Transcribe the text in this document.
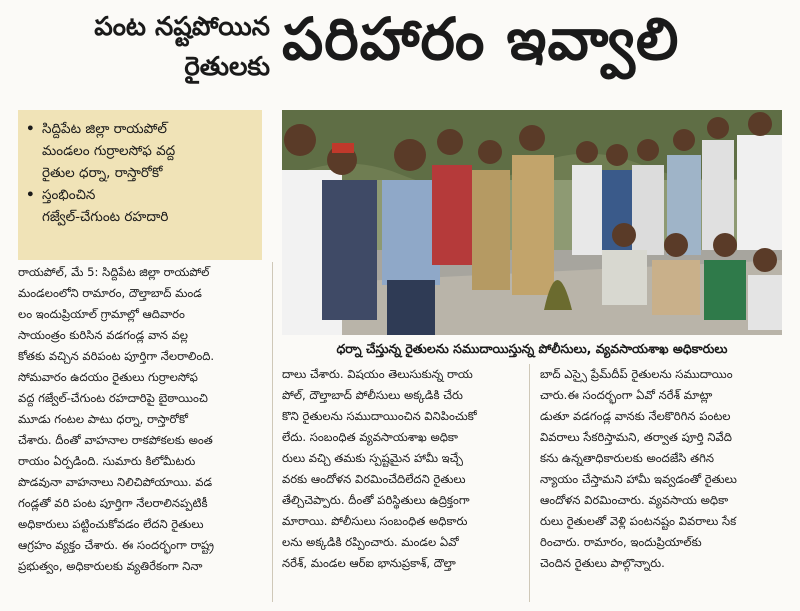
పంట నష్టపోయిన
రైతులకు పరిహారం ఇవ్వాలి
• సిద్దిపేట జిల్లా రాయపోల్
మండలం గుర్రాలసోఫ వద్ద
రైతుల ధర్నా, రాస్తారోకో
• స్తంభించిన
గజ్వేల్-చేగుంట రహదారి
ధర్నా చేస్తున్న రైతులను సముదాయిస్తున్న పోలీసులు, వ్యవసాయశాఖ అధికారులు
రాయపోల్, మే 5: సిద్దిపేట జిల్లా రాయపోల్
మండలంలోని రామారం, దౌల్తాబాద్ మండ
లం ఇందుప్రియాల్ గ్రామాల్లో ఆదివారం
సాయంత్రం కురిసిన వడగండ్ల వాన వల్ల
కోతకు వచ్చిన వరిపంట పూర్తిగా నేలరాలింది.
సోమవారం ఉదయం రైతులు గుర్రాలసోఫ
వద్ద గజ్వేల్-చేగుంట రహదారిపై బైఠాయించి
మూడు గంటల పాటు ధర్నా, రాస్తారోకో
చేశారు. దీంతో వాహనాల రాకపోకలకు అంత
రాయం ఏర్పడింది. సుమారు కిలోమీటరు
పొడవునా వాహనాలు నిలిచిపోయాయి. వడ
గండ్లతో వరి పంట పూర్తిగా నేలరాలినప్పటికీ
అధికారులు పట్టించుకోవడం లేదని రైతులు
ఆగ్రహం వ్యక్తం చేశారు. ఈ సందర్భంగా రాష్ట్ర
ప్రభుత్వం, అధికారులకు వ్యతిరేకంగా నినా
దాలు చేశారు. విషయం తెలుసుకున్న రాయ
పోల్, దౌల్తాబాద్ పోలీసులు అక్కడికి చేరు
కొని రైతులను సముదాయించిన వినిపించుకో
లేదు. సంబంధిత వ్యవసాయశాఖ అధికా
రులు వచ్చి తమకు స్పష్టమైన హామీ ఇచ్చే
వరకు ఆందోళన విరమించేదిలేదని రైతులు
తేల్చిచెప్పారు. దీంతో పరిస్థితులు ఉద్రిక్తంగా
మారాయి. పోలీసులు సంబంధిత అధికారు
లను అక్కడికి రప్పించారు. మండల ఏవో
నరేశ్, మండల ఆర్ఐ భానుప్రకాశ్, దౌల్తా
బాద్ ఎస్సై ప్రేమ్‌దీప్ రైతులను సముదాయిం
చారు.ఈ సందర్భంగా ఏవో నరేశ్ మాట్లా
డుతూ వడగండ్ల వానకు నేలకొరిగిన పంటల
వివరాలు సేకరిస్తామని, తర్వాత పూర్తి నివేది
కను ఉన్నతాధికారులకు అందజేసి తగిన
న్యాయం చేస్తామని హామీ ఇవ్వడంతో రైతులు
ఆందోళన విరమించారు. వ్యవసాయ అధికా
రులు రైతులతో వెళ్లి పంటనష్టం వివరాలు సేక
రించారు. రామారం, ఇందుప్రియాల్‌కు
చెందిన రైతులు పాల్గొన్నారు.
